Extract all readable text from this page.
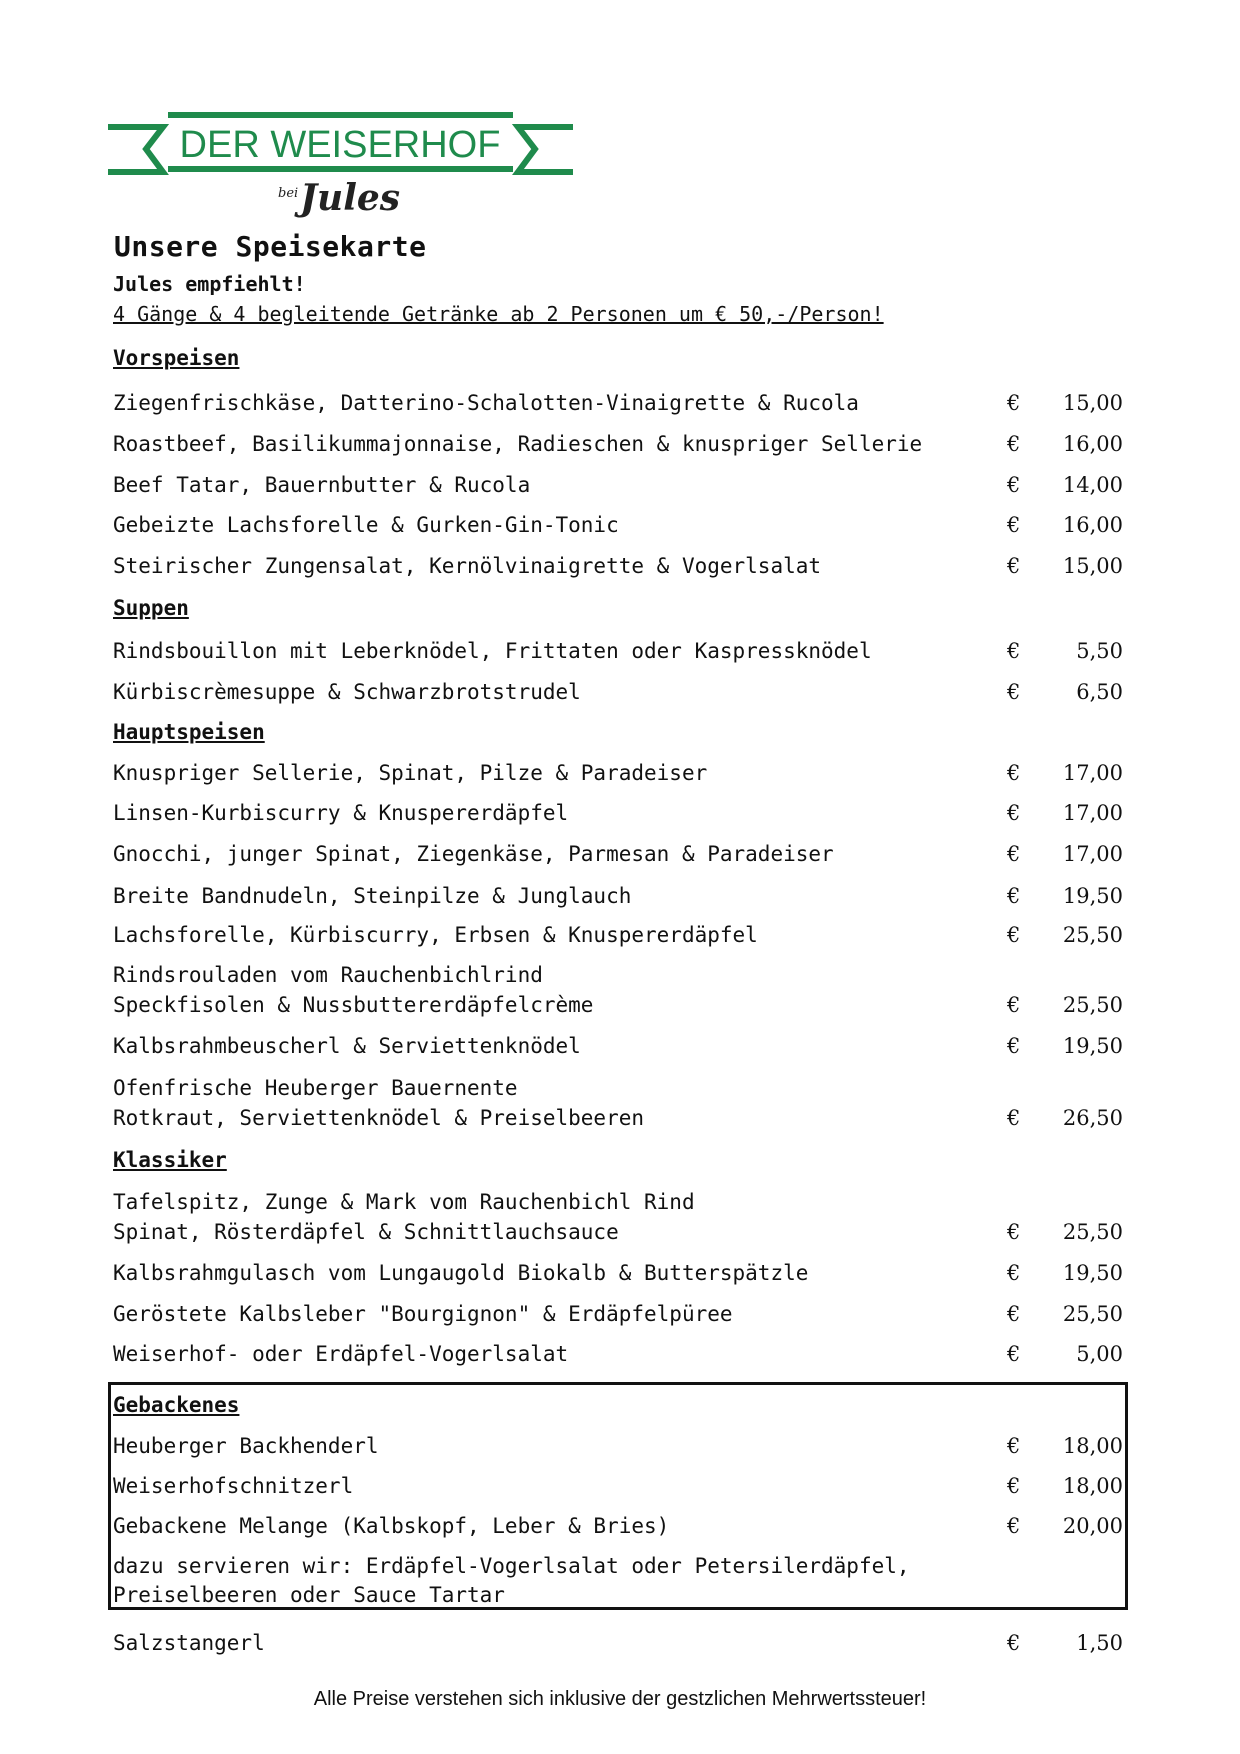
DER WEISERHOF
bei Jules
Unsere Speisekarte
Jules empfiehlt!
4 Gänge & 4 begleitende Getränke ab 2 Personen um € 50,-/Person!
Vorspeisen
Ziegenfrischkäse, Datterino-Schalotten-Vinaigrette & Rucola	€ 15,00
Roastbeef, Basilikummajonnaise, Radieschen & knuspriger Sellerie	€ 16,00
Beef Tatar, Bauernbutter & Rucola	€ 14,00
Gebeizte Lachsforelle & Gurken-Gin-Tonic	€ 16,00
Steirischer Zungensalat, Kernölvinaigrette & Vogerlsalat	€ 15,00
Suppen
Rindsbouillon mit Leberknödel, Frittaten oder Kaspressknödel	€	5,50
Kürbiscrèmesuppe & Schwarzbrotstrudel	€	6,50
Hauptspeisen
Knuspriger Sellerie, Spinat, Pilze & Paradeiser	€ 17,00
Linsen-Kurbiscurry & Knuspererdäpfel	€ 17,00
Gnocchi, junger Spinat, Ziegenkäse, Parmesan & Paradeiser	€ 17,00
Breite Bandnudeln, Steinpilze & Junglauch	€ 19,50
Lachsforelle, Kürbiscurry, Erbsen & Knuspererdäpfel	€ 25,50
Rindsrouladen vom Rauchenbichlrind
Speckfisolen & Nussbuttererdäpfelcrème	€ 25,50
Kalbsrahmbeuscherl & Serviettenknödel	€ 19,50
Ofenfrische Heuberger Bauernente
Rotkraut, Serviettenknödel & Preiselbeeren	€ 26,50
Klassiker
Tafelspitz, Zunge & Mark vom Rauchenbichl Rind
Spinat, Rösterdäpfel & Schnittlauchsauce	€ 25,50
Kalbsrahmgulasch vom Lungaugold Biokalb & Butterspätzle	€ 19,50
Geröstete Kalbsleber "Bourgignon" & Erdäpfelpüree	€ 25,50
Weiserhof- oder Erdäpfel-Vogerlsalat	€	5,00
Gebackenes
Heuberger Backhenderl	€ 18,00
Weiserhofschnitzerl	€ 18,00
Gebackene Melange (Kalbskopf, Leber & Bries)	€ 20,00
dazu servieren wir: Erdäpfel-Vogerlsalat oder Petersilerdäpfel,
Preiselbeeren oder Sauce Tartar
Salzstangerl	€	1,50
Alle Preise verstehen sich inklusive der gestzlichen Mehrwertssteuer!
